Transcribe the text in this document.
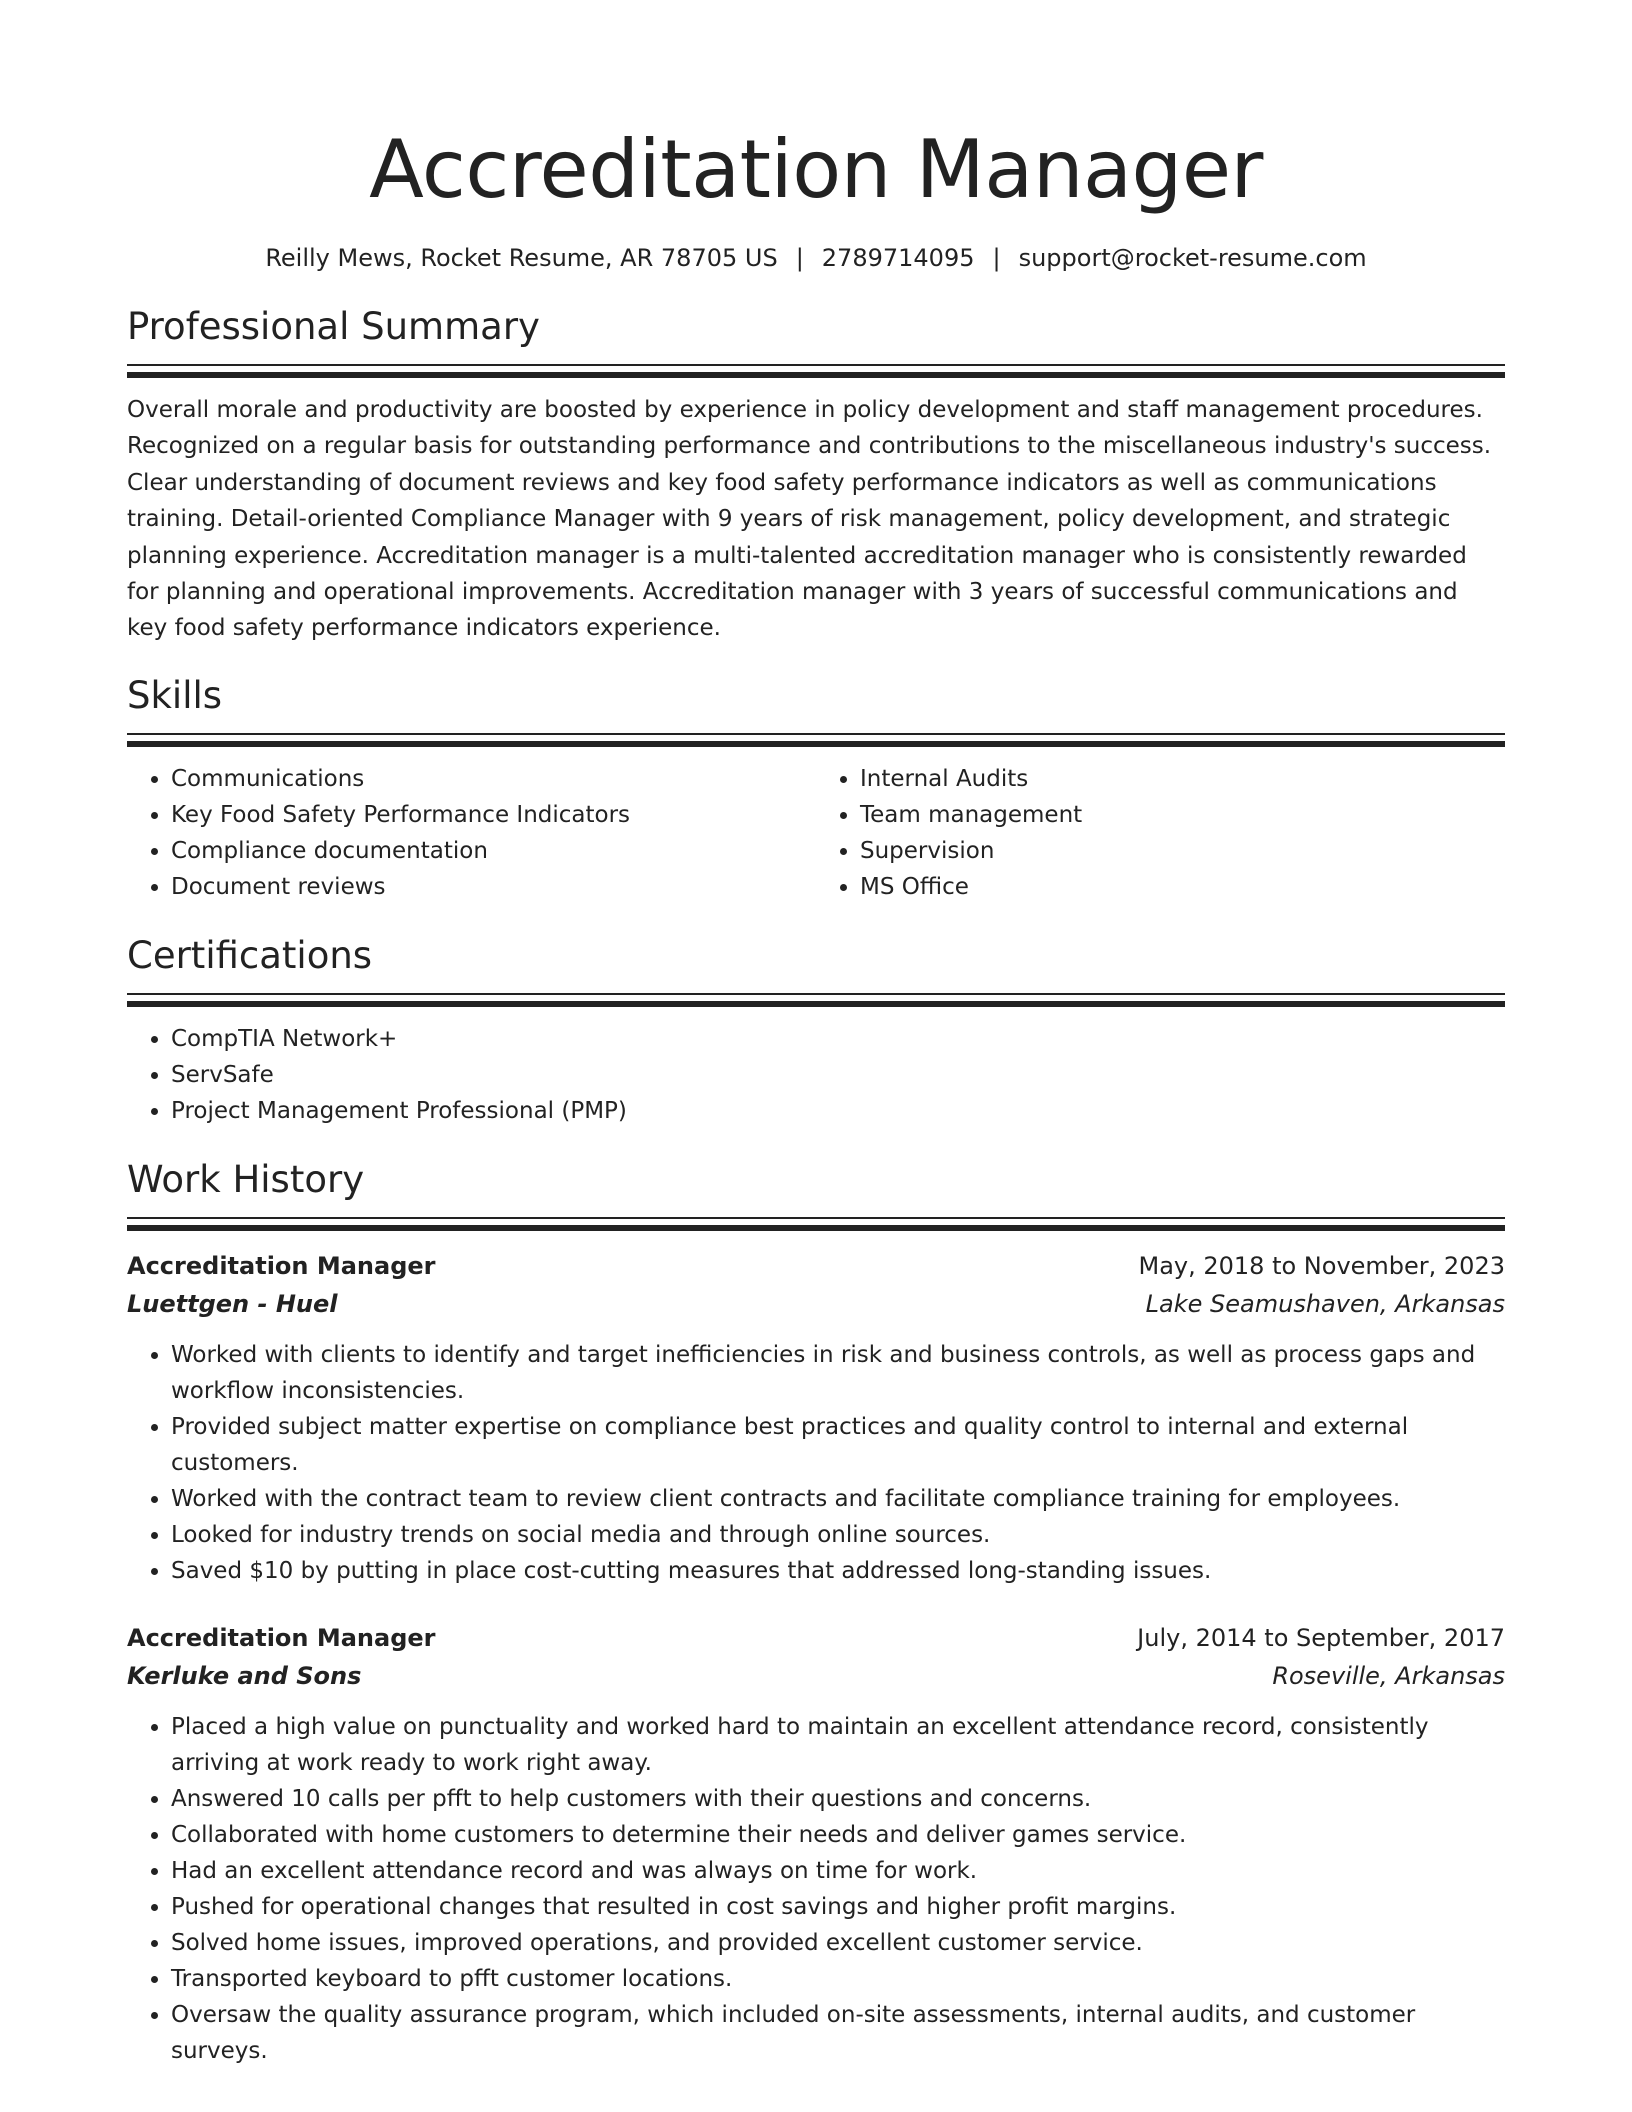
Accreditation Manager
Reilly Mews, Rocket Resume, AR 78705 US | 2789714095 | support@rocket-resume.com
Professional Summary

Overall morale and productivity are boosted by experience in policy development and staff management procedures. Recognized on a regular basis for outstanding performance and contributions to the miscellaneous industry's success. Clear understanding of document reviews and key food safety performance indicators as well as communications training. Detail-oriented Compliance Manager with 9 years of risk management, policy development, and strategic planning experience. Accreditation manager is a multi-talented accreditation manager who is consistently rewarded for planning and operational improvements. Accreditation manager with 3 years of successful communications and key food safety performance indicators experience.

Skills
• Communications
• Key Food Safety Performance Indicators
• Compliance documentation
• Document reviews
• Internal Audits
• Team management
• Supervision
• MS Office
Certifications
• CompTIA Network+
• ServSafe
• Project Management Professional (PMP)
Work History
Accreditation Manager	May, 2018 to November, 2023
Luettgen - Huel	Lake Seamushaven, Arkansas
• Worked with clients to identify and target inefficiencies in risk and business controls, as well as process gaps and workflow inconsistencies.
• Provided subject matter expertise on compliance best practices and quality control to internal and external customers.
• Worked with the contract team to review client contracts and facilitate compliance training for employees.
• Looked for industry trends on social media and through online sources.
• Saved $10 by putting in place cost-cutting measures that addressed long-standing issues.
Accreditation Manager	July, 2014 to September, 2017
Kerluke and Sons	Roseville, Arkansas
• Placed a high value on punctuality and worked hard to maintain an excellent attendance record, consistently arriving at work ready to work right away.
• Answered 10 calls per pfft to help customers with their questions and concerns.
• Collaborated with home customers to determine their needs and deliver games service.
• Had an excellent attendance record and was always on time for work.
• Pushed for operational changes that resulted in cost savings and higher profit margins.
• Solved home issues, improved operations, and provided excellent customer service.
• Transported keyboard to pfft customer locations.
• Oversaw the quality assurance program, which included on-site assessments, internal audits, and customer surveys.
